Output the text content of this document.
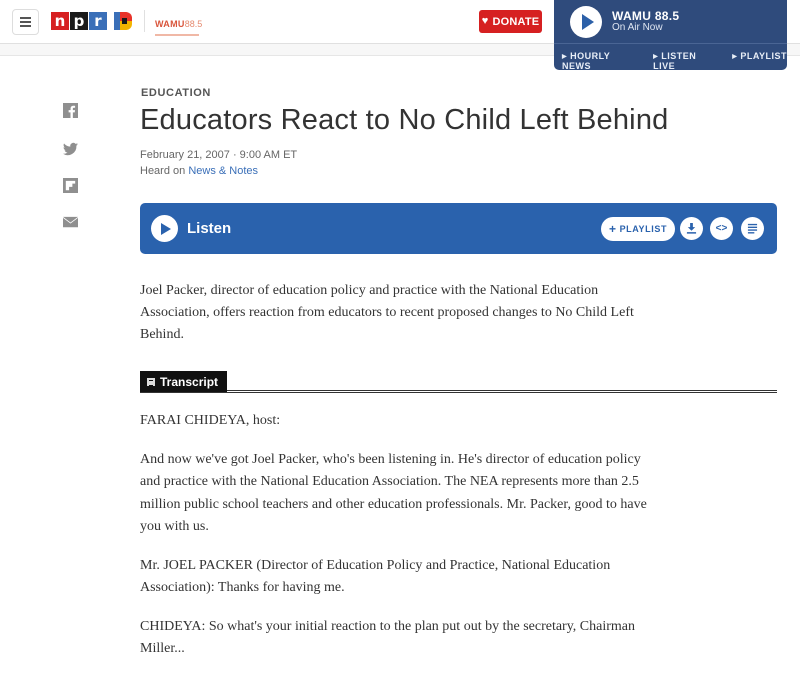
n p r	WAMU88.5	♥ DONATE	WAMU 88.5
On Air Now
▶ HOURLY NEWS
▶ LISTEN LIVE
▶ PLAYLIST
EDUCATION
Educators React to No Child Left Behind
February 21, 2007 · 9:00 AM ET
Heard on News & Notes
Listen	+ PLAYLIST	<>

Joel Packer, director of education policy and practice with the National Education Association, offers reaction from educators to recent proposed changes to No Child Left Behind.

Transcript

FARAI CHIDEYA, host:

And now we've got Joel Packer, who's been listening in. He's director of education policy and practice with the National Education Association. The NEA represents more than 2.5 million public school teachers and other education professionals. Mr. Packer, good to have you with us.

Mr. JOEL PACKER (Director of Education Policy and Practice, National Education Association): Thanks for having me.

CHIDEYA: So what's your initial reaction to the plan put out by the secretary, Chairman Miller...
